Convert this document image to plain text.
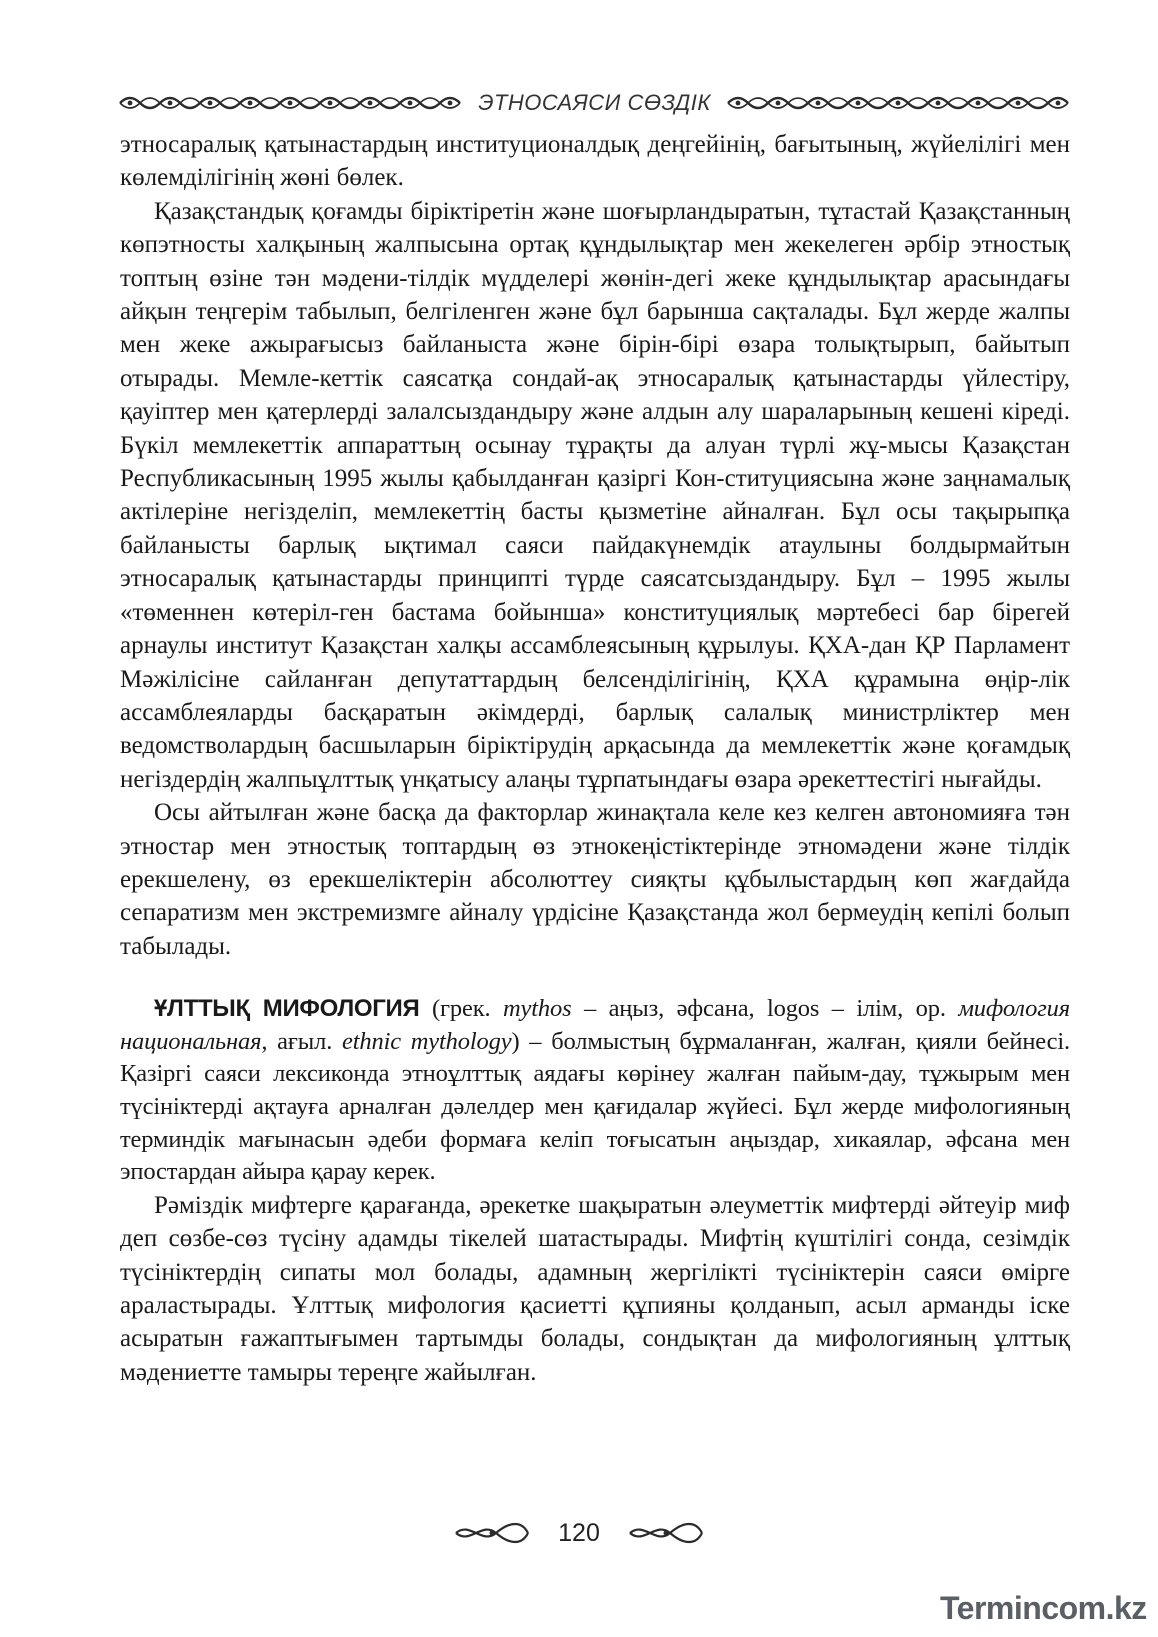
ЭТНОСАЯСИ СӨЗДІК

этносаралық қатынастардың институционалдық деңгейінің, бағытының, жүйелілігі мен көлемділігінің жөні бөлек.

Қазақстандық қоғамды біріктіретін және шоғырландыратын, тұтастай Қазақстанның көпэтносты халқының жалпысына ортақ құндылықтар мен жекелеген әрбір этностық топтың өзіне тән мәдени-тілдік мүдделері жөнін-дегі жеке құндылықтар арасындағы айқын теңгерім табылып, белгіленген және бұл барынша сақталады. Бұл жерде жалпы мен жеке ажырағысыз байланыста және бірін-бірі өзара толықтырып, байытып отырады. Мемле-кеттік саясатқа сондай-ақ этносаралық қатынастарды үйлестіру, қауіптер мен қатерлерді залалсыздандыру және алдын алу шараларының кешені кіреді. Бүкіл мемлекеттік аппараттың осынау тұрақты да алуан түрлі жұ-мысы Қазақстан Республикасының 1995 жылы қабылданған қазіргі Кон-ституциясына және заңнамалық актілеріне негізделіп, мемлекеттің басты қызметіне айналған. Бұл осы тақырыпқа байланысты барлық ықтимал саяси пайдакүнемдік атаулыны болдырмайтын этносаралық қатынастарды принципті түрде саясатсыздандыру. Бұл – 1995 жылы «төменнен көтеріл-ген бастама бойынша» конституциялық мәртебесі бар бірегей арнаулы институт Қазақстан халқы ассамблеясының құрылуы. ҚХА-дан ҚР Парламент Мәжілісіне сайланған депутаттардың белсенділігінің, ҚХА құрамына өңір-лік ассамблеяларды басқаратын әкімдерді, барлық салалық министрліктер мен ведомстволардың басшыларын біріктірудің арқасында да мемлекеттік және қоғамдық негіздердің жалпыұлттық үнқатысу алаңы тұрпатындағы өзара әрекеттестігі нығайды.

Осы айтылған және басқа да факторлар жинақтала келе кез келген автономияға тән этностар мен этностық топтардың өз этнокеңістіктерінде этномәдени және тілдік ерекшелену, өз ерекшеліктерін абсолюттеу сияқты құбылыстардың көп жағдайда сепаратизм мен экстремизмге айналу үрдісіне Қазақстанда жол бермеудің кепілі болып табылады.

ҰЛТТЫҚ МИФОЛОГИЯ (грек. mythos – аңыз, әфсана, logos – ілім, ор. мифология национальная, ағыл. ethnic mythology) – болмыстың бұрмаланған, жалған, қияли бейнесі. Қазіргі саяси лексиконда этноұлттық аядағы көрінеу жалған пайым-дау, тұжырым мен түсініктерді ақтауға арналған дәлелдер мен қағидалар жүйесі. Бұл жерде мифологияның терминдік мағынасын әдеби формаға келіп тоғысатын аңыздар, хикаялар, әфсана мен эпостардан айыра қарау керек.

Рәміздік мифтерге қарағанда, әрекетке шақыратын әлеуметтік мифтерді әйтеуір миф деп сөзбе-сөз түсіну адамды тікелей шатастырады. Мифтің күштілігі сонда, сезімдік түсініктердің сипаты мол болады, адамның жергілікті түсініктерін саяси өмірге араластырады. Ұлттық мифология қасиетті құпияны қолданып, асыл арманды іске асыратын ғажаптығымен тартымды болады, сондықтан да мифологияның ұлттық мәдениетте тамыры тереңге жайылған.

120
Termincom.kz
